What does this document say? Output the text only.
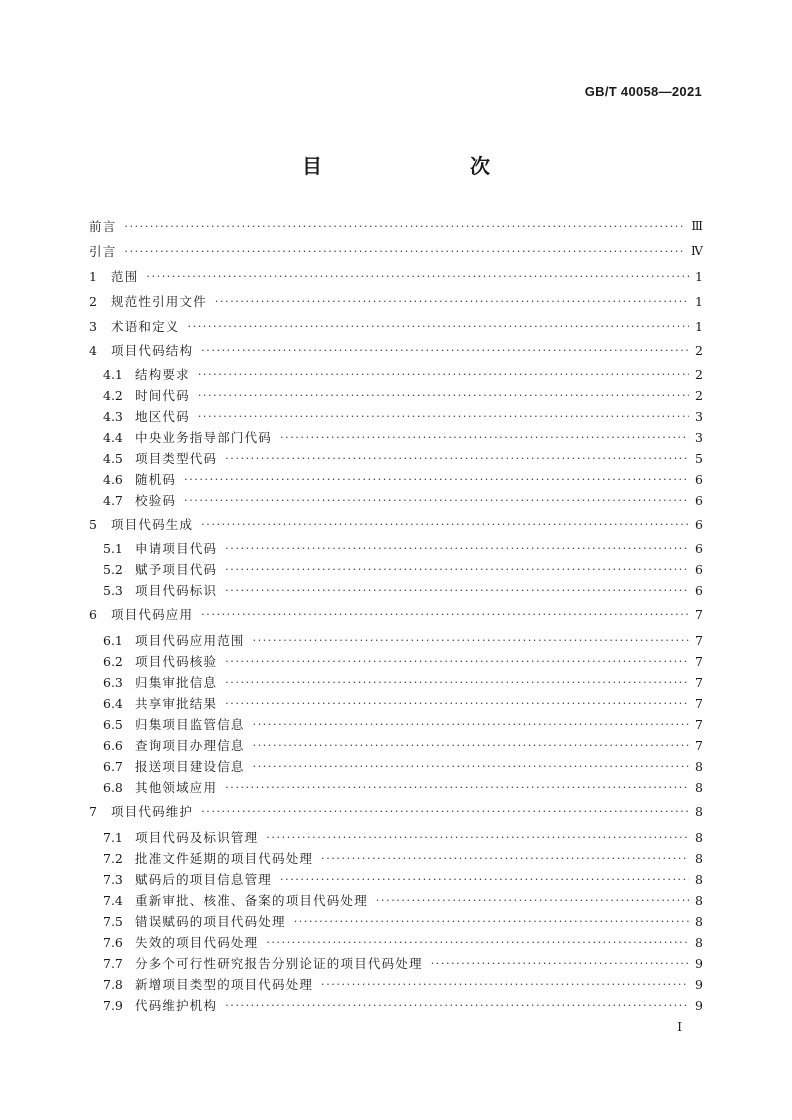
GB/T 40058—2021
目　　次
前言 ·····	Ⅲ
引言 ·····	Ⅳ
1	范围 ·····	1
2	规范性引用文件 ·····	1
3	术语和定义 ·····	1
4	项目代码结构 ·····	2
4.1 结构要求 ·····	2
4.2 时间代码 ·····	2
4.3 地区代码 ·····	3
4.4 中央业务指导部门代码 ·····	3
4.5 项目类型代码 ·····	5
4.6 随机码 ·····	6
4.7 校验码 ·····	6
5	项目代码生成 ·····	6
5.1 申请项目代码 ·····	6
5.2 赋予项目代码 ·····	6
5.3 项目代码标识 ·····	6
6	项目代码应用 ·····	7
6.1 项目代码应用范围 ·····	7
6.2 项目代码核验 ·····	7
6.3 归集审批信息 ·····	7
6.4 共享审批结果 ·····	7
6.5 归集项目监管信息 ·····	7
6.6 查询项目办理信息 ·····	7
6.7 报送项目建设信息 ·····	8
6.8 其他领域应用 ·····	8
7	项目代码维护 ·····	8
7.1 项目代码及标识管理 ·····	8
7.2 批准文件延期的项目代码处理 ·····	8
7.3 赋码后的项目信息管理 ·····	8
7.4 重新审批、核准、备案的项目代码处理 ·····	8
7.5 错误赋码的项目代码处理 ·····	8
7.6 失效的项目代码处理 ·····	8
7.7 分多个可行性研究报告分别论证的项目代码处理 ·····	9
7.8 新增项目类型的项目代码处理 ·····	9
7.9 代码维护机构 ·····	9
I
